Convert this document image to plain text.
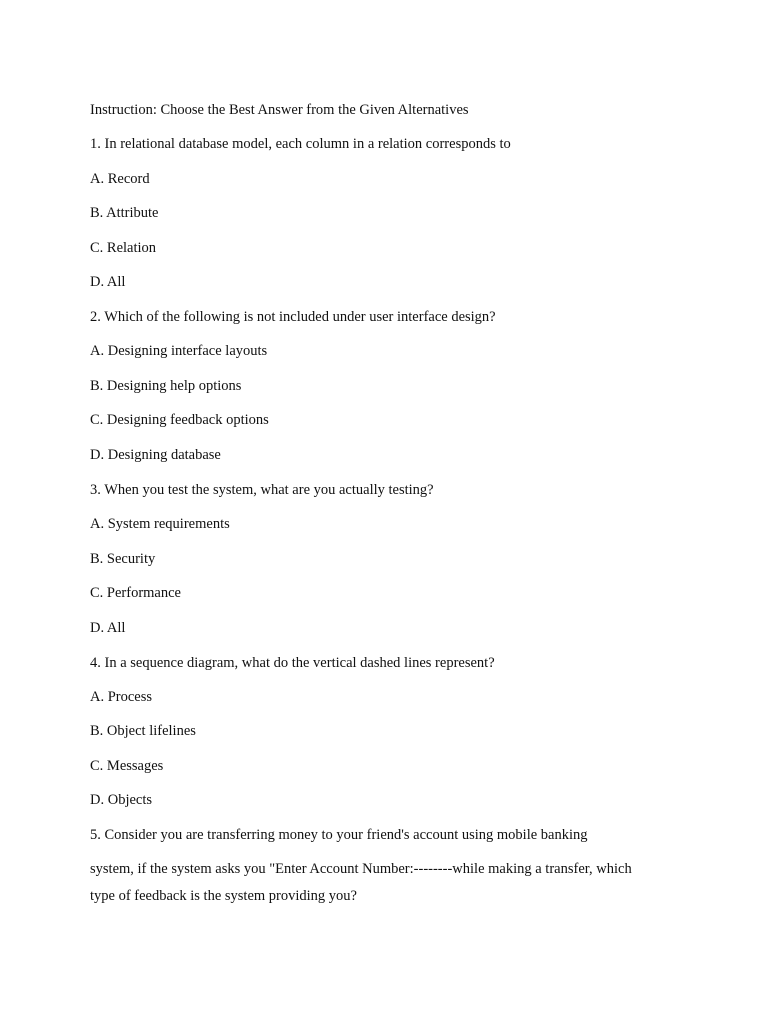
Instruction: Choose the Best Answer from the Given Alternatives

1. In relational database model, each column in a relation corresponds to

A. Record

B. Attribute

C. Relation

D. All

2. Which of the following is not included under user interface design?

A. Designing interface layouts

B. Designing help options

C. Designing feedback options

D. Designing database

3. When you test the system, what are you actually testing?

A. System requirements

B. Security

C. Performance

D. All

4. In a sequence diagram, what do the vertical dashed lines represent?

A. Process

B. Object lifelines

C. Messages

D. Objects

5. Consider you are transferring money to your friend's account using mobile banking

system, if the system asks you "Enter Account Number:--------while making a transfer, which

type of feedback is the system providing you?
